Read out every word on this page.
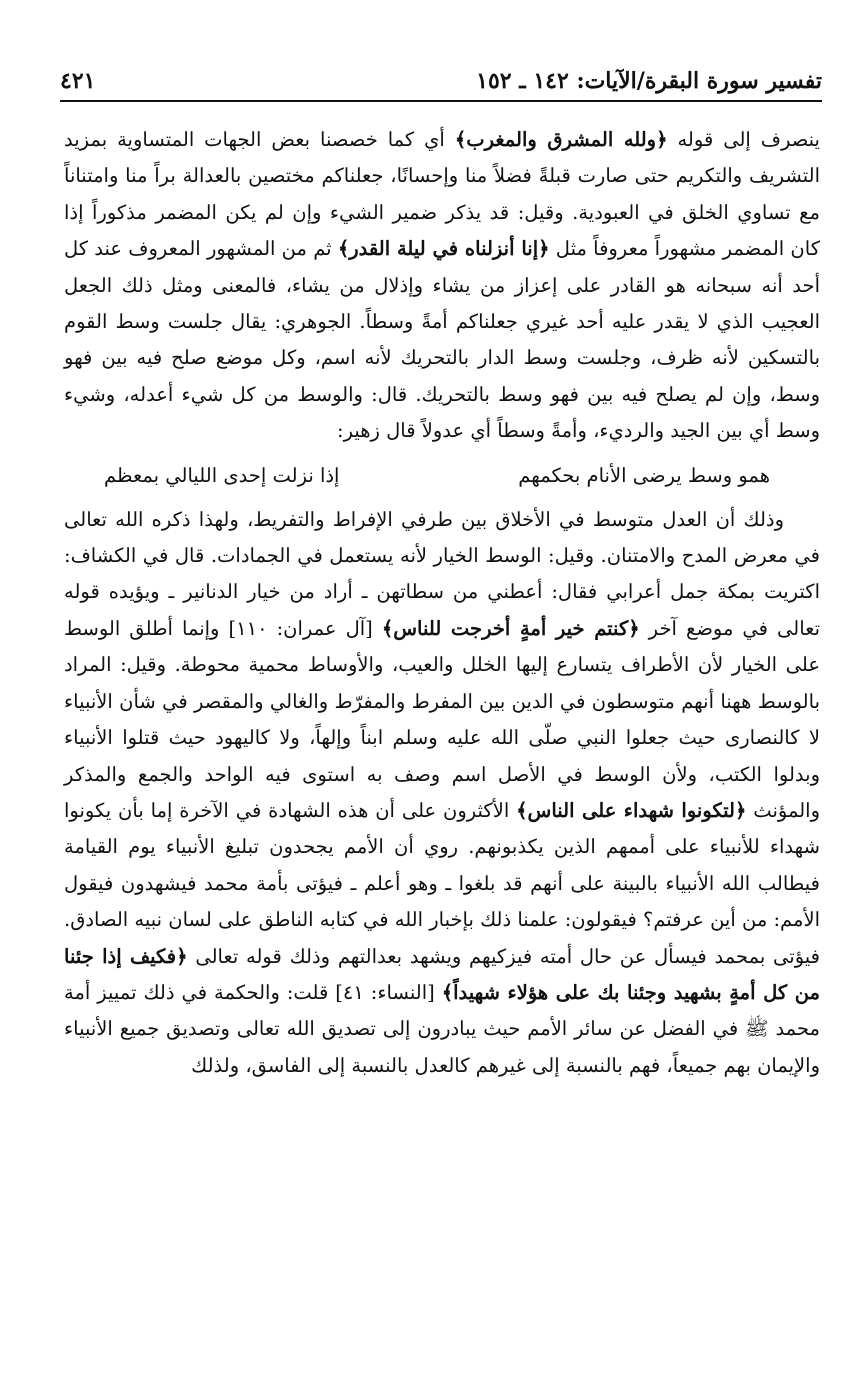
تفسير سورة البقرة/الآيات: ١٤٢ ـ ١٥٢
٤٢١

ينصرف إلى قوله ﴿ولله المشرق والمغرب﴾ أي كما خصصنا بعض الجهات المتساوية بمزيد التشريف والتكريم حتى صارت قبلةً فضلاً منا وإحسانًا، جعلناكم مختصين بالعدالة براً منا وامتناناً مع تساوي الخلق في العبودية. وقيل: قد يذكر ضمير الشيء وإن لم يكن المضمر مذكوراً إذا كان المضمر مشهوراً معروفاً مثل ﴿إنا أنزلناه في ليلة القدر﴾ ثم من المشهور المعروف عند كل أحد أنه سبحانه هو القادر على إعزاز من يشاء وإذلال من يشاء، فالمعنى ومثل ذلك الجعل العجيب الذي لا يقدر عليه أحد غيري جعلناكم أمةً وسطاً. الجوهري: يقال جلست وسط القوم بالتسكين لأنه ظرف، وجلست وسط الدار بالتحريك لأنه اسم، وكل موضع صلح فيه بين فهو وسط، وإن لم يصلح فيه بين فهو وسط بالتحريك. قال: والوسط من كل شيء أعدله، وشيء وسط أي بين الجيد والرديء، وأمةً وسطاً أي عدولاً قال زهير:

همو وسط يرضى الأنام بحكمهم
إذا نزلت إحدى الليالي بمعظم

وذلك أن العدل متوسط في الأخلاق بين طرفي الإفراط والتفريط، ولهذا ذكره الله تعالى في معرض المدح والامتنان. وقيل: الوسط الخيار لأنه يستعمل في الجمادات. قال في الكشاف: اكتريت بمكة جمل أعرابي فقال: أعطني من سطاتهن ـ أراد من خيار الدنانير ـ ويؤيده قوله تعالى في موضع آخر ﴿كنتم خير أمةٍ أخرجت للناس﴾ [آل عمران: ١١٠] وإنما أطلق الوسط على الخيار لأن الأطراف يتسارع إليها الخلل والعيب، والأوساط محمية محوطة. وقيل: المراد بالوسط ههنا أنهم متوسطون في الدين بين المفرط والمفرّط والغالي والمقصر في شأن الأنبياء لا كالنصارى حيث جعلوا النبي صلّى الله عليه وسلم ابناً وإلهاً، ولا كاليهود حيث قتلوا الأنبياء وبدلوا الكتب، ولأن الوسط في الأصل اسم وصف به استوى فيه الواحد والجمع والمذكر والمؤنث ﴿لتكونوا شهداء على الناس﴾ الأكثرون على أن هذه الشهادة في الآخرة إما بأن يكونوا شهداء للأنبياء على أممهم الذين يكذبونهم. روي أن الأمم يجحدون تبليغ الأنبياء يوم القيامة فيطالب الله الأنبياء بالبينة على أنهم قد بلغوا ـ وهو أعلم ـ فيؤتى بأمة محمد فيشهدون فيقول الأمم: من أين عرفتم؟ فيقولون: علمنا ذلك بإخبار الله في كتابه الناطق على لسان نبيه الصادق. فيؤتى بمحمد فيسأل عن حال أمته فيزكيهم ويشهد بعدالتهم وذلك قوله تعالى ﴿فكيف إذا جئنا من كل أمةٍ بشهيد وجئنا بك على هؤلاء شهيداً﴾ [النساء: ٤١] قلت: والحكمة في ذلك تمييز أمة محمد ﷺ في الفضل عن سائر الأمم حيث يبادرون إلى تصديق الله تعالى وتصديق جميع الأنبياء والإيمان بهم جميعاً، فهم بالنسبة إلى غيرهم كالعدل بالنسبة إلى الفاسق، ولذلك
